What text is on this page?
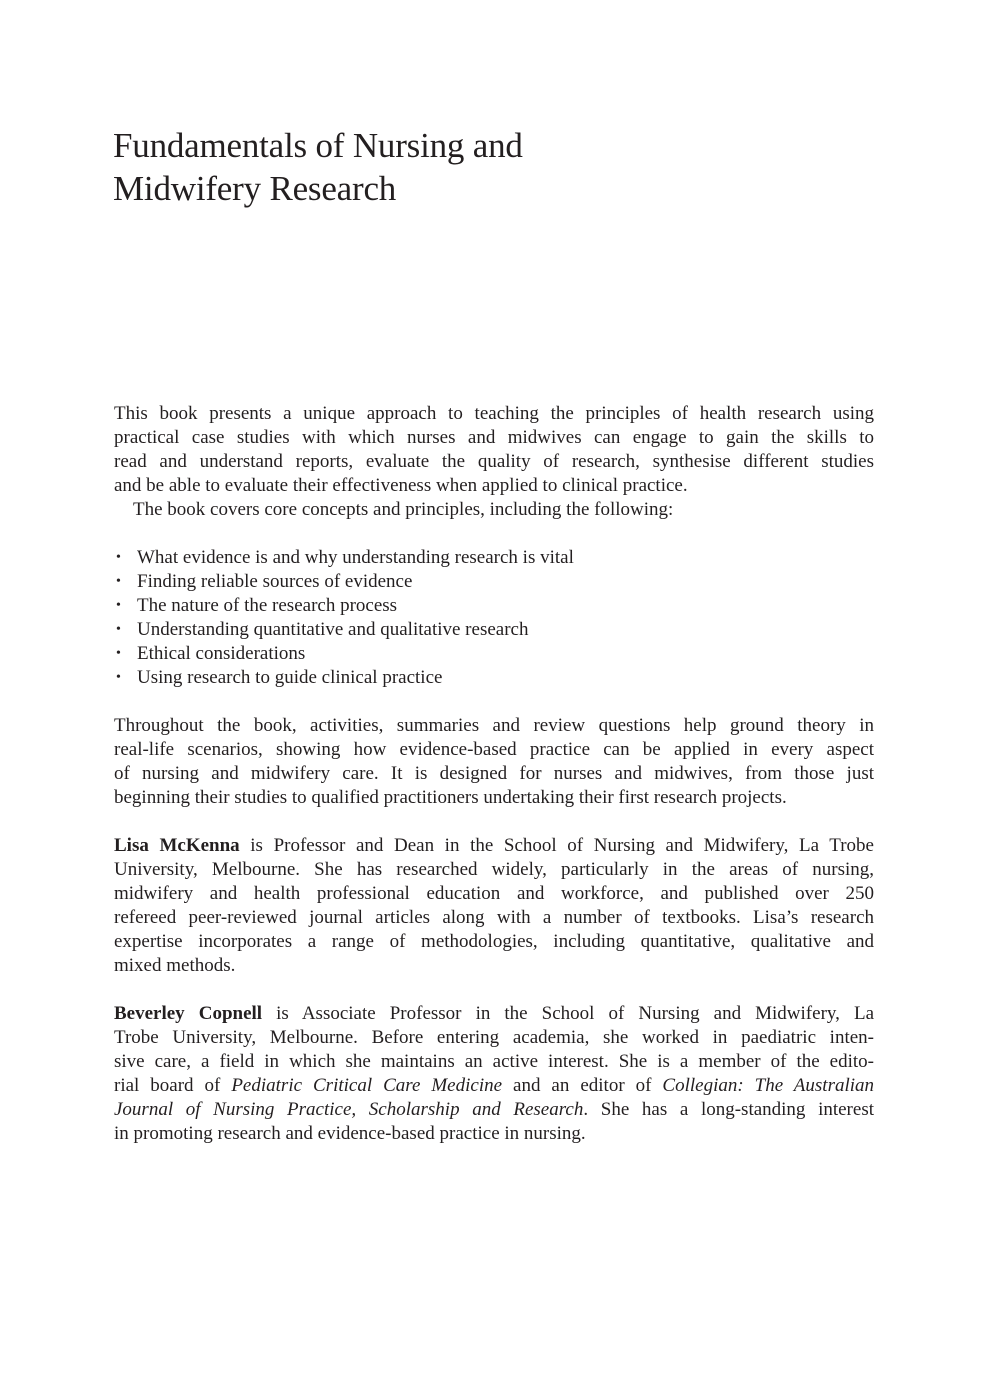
Fundamentals of Nursing and
Midwifery Research

This book presents a unique approach to teaching the principles of health research using
practical case studies with which nurses and midwives can engage to gain the skills to
read and understand reports, evaluate the quality of research, synthesise different studies
and be able to evaluate their effectiveness when applied to clinical practice.

The book covers core concepts and principles, including the following:

• What evidence is and why understanding research is vital
• Finding reliable sources of evidence
• The nature of the research process
• Understanding quantitative and qualitative research
• Ethical considerations
• Using research to guide clinical practice

Throughout the book, activities, summaries and review questions help ground theory in
real-life scenarios, showing how evidence-based practice can be applied in every aspect
of nursing and midwifery care. It is designed for nurses and midwives, from those just
beginning their studies to qualified practitioners undertaking their first research projects.

Lisa McKenna is Professor and Dean in the School of Nursing and Midwifery, La Trobe
University, Melbourne. She has researched widely, particularly in the areas of nursing,
midwifery and health professional education and workforce, and published over 250
refereed peer-reviewed journal articles along with a number of textbooks. Lisa’s research
expertise incorporates a range of methodologies, including quantitative, qualitative and
mixed methods.

Beverley Copnell is Associate Professor in the School of Nursing and Midwifery, La
Trobe University, Melbourne. Before entering academia, she worked in paediatric inten-
sive care, a field in which she maintains an active interest. She is a member of the edito-
rial board of Pediatric Critical Care Medicine and an editor of Collegian: The Australian
Journal of Nursing Practice, Scholarship and Research. She has a long-standing interest
in promoting research and evidence-based practice in nursing.
